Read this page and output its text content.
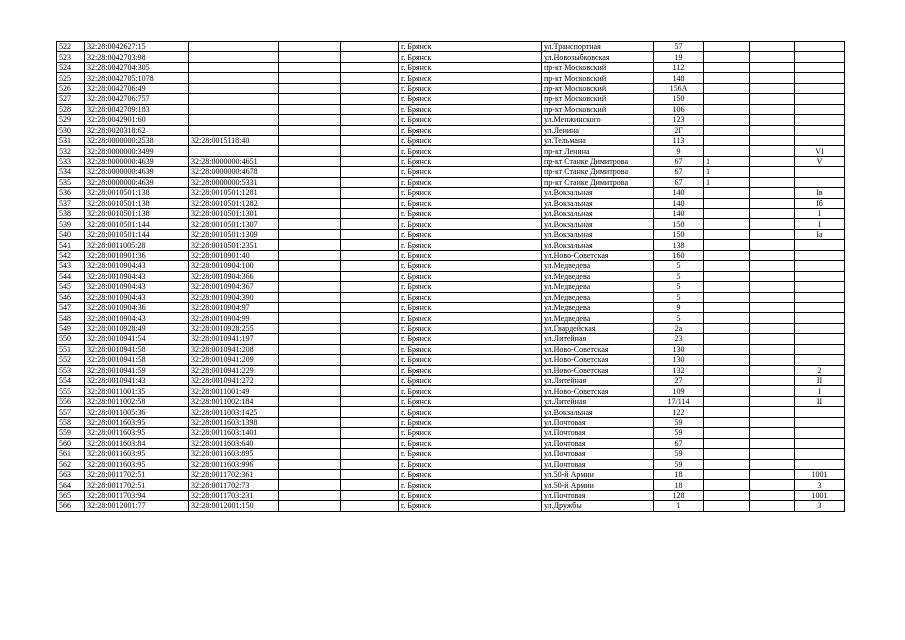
522	32:28:0042627:15				г. Брянск	ул.Транспортная	57			
523	32:28:0042703:98				г. Брянск	ул.Новозыбковская	19			
524	32:28:0042704:305				г. Брянск	пр-кт Московский	112			
525	32:28:0042705:1078				г. Брянск	пр-кт Московский	148			
526	32:28:0042706:49				г. Брянск	пр-кт Московский	156А			
527	32:28:0042706:757				г. Брянск	пр-кт Московский	150			
528	32:28:0042709:183				г. Брянск	пр-кт Московский	106			
529	32:28:0042901:60				г. Брянск	ул.Менжинского	123			
530	32:28:0020318:62				г. Брянск	ул.Ленина	2Г			
531	32:28:0000000:2538	32:28:0015118:40			г. Брянск	ул.Тельмана	113			
532	32:28:0000000:3499				г. Брянск	пр-кт Ленина	9			VI
533	32:28:0000000:4639	32:28:0000000:4651			г. Брянск	пр-кт Станке Димитрова	67	1		V
534	32:28:0000000:4639	32:28:0000000:4678			г. Брянск	пр-кт Станке Димитрова	67	1		
535	32:28:0000000:4639	32:28:0000000:5331			г. Брянск	пр-кт Станке Димитрова	67	1		
536	32:28:0010501:138	32:28:0010501:1281			г. Брянск	ул.Вокзальная	140			Iв
537	32:28:0010501:138	32:28:0010501:1282			г. Брянск	ул.Вокзальная	140			Iб
538	32:28:0010501:138	32:28:0010501:1301			г. Брянск	ул.Вокзальная	140			I
539	32:28:0010501:144	32:28:0010501:1307			г. Брянск	ул.Вокзальная	150			I
540	32:28:0010501:144	32:28:0010501:1309			г. Брянск	ул.Вокзальная	150			Iа
541	32:28:0011005:28	32:28:0010501:2351			г. Брянск	ул.Вокзальная	138			
542	32:28:0010901:36	32:28:0010901:40			г. Брянск	ул.Ново-Советская	160			
543	32:28:0010904:43	32:28:0010904:100			г. Брянск	ул.Медведева	5			
544	32:28:0010904:43	32:28:0010904:366			г. Брянск	ул.Медведева	5			
545	32:28:0010904:43	32:28:0010904:367			г. Брянск	ул.Медведева	5			
546	32:28:0010904:43	32:28:0010904:390			г. Брянск	ул.Медведева	5			
547	32:28:0010904:36	32:28:0010904:97			г. Брянск	ул.Медведева	9			
548	32:28:0010904:43	32:28:0010904:99			г. Брянск	ул.Медведева	5			
549	32:28:0010928:49	32:28:0010928:255			г. Брянск	ул.Гвардейская	2а			
550	32:28:0010941:54	32:28:0010941:197			г. Брянск	ул.Литейная	23			
551	32:28:0010941:58	32:28:0010941:208			г. Брянск	ул.Ново-Советская	130			
552	32:28:0010941:58	32:28:0010941:209			г. Брянск	ул.Ново-Советская	130			
553	32:28:0010941:59	32:28:0010941:229			г. Брянск	ул.Ново-Советская	132			2
554	32:28:0010941:43	32:28:0010941:272			г. Брянск	ул.Литейная	27			II
555	32:28:0011001:35	32:28:0011001:49			г. Брянск	ул.Ново-Советская	109			I
556	32:28:0011002:58	32:28:0011002:184			г. Брянск	ул.Литейная	17/114			II
557	32:28:0011005:36	32:28:0011003:1425			г. Брянск	ул.Вокзальная	122			
558	32:28:0011603:95	32:28:0011603:1398			г. Брянск	ул.Почтовая	59			
559	32:28:0011603:95	32:28:0011603:1401			г. Брянск	ул.Почтовая	59			
560	32:28:0011603:84	32:28:0011603:640			г. Брянск	ул.Почтовая	67			
561	32:28:0011603:95	32:28:0011603:895			г. Брянск	ул.Почтовая	59			
562	32:28:0011603:95	32:28:0011603:996			г. Брянск	ул.Почтовая	59			
563	32:28:0011702:51	32:28:0011702:361			г. Брянск	ул.50-й Армии	18			1001
564	32:28:0011702:51	32:28:0011702:73			г. Брянск	ул.50-й Армии	18			3
565	32:28:0011703:94	32:28:0011703:231			г. Брянск	ул.Почтовая	128			1001
566	32:28:0012001:77	32:28:0012001:150			г. Брянск	ул.Дружбы	1			3
